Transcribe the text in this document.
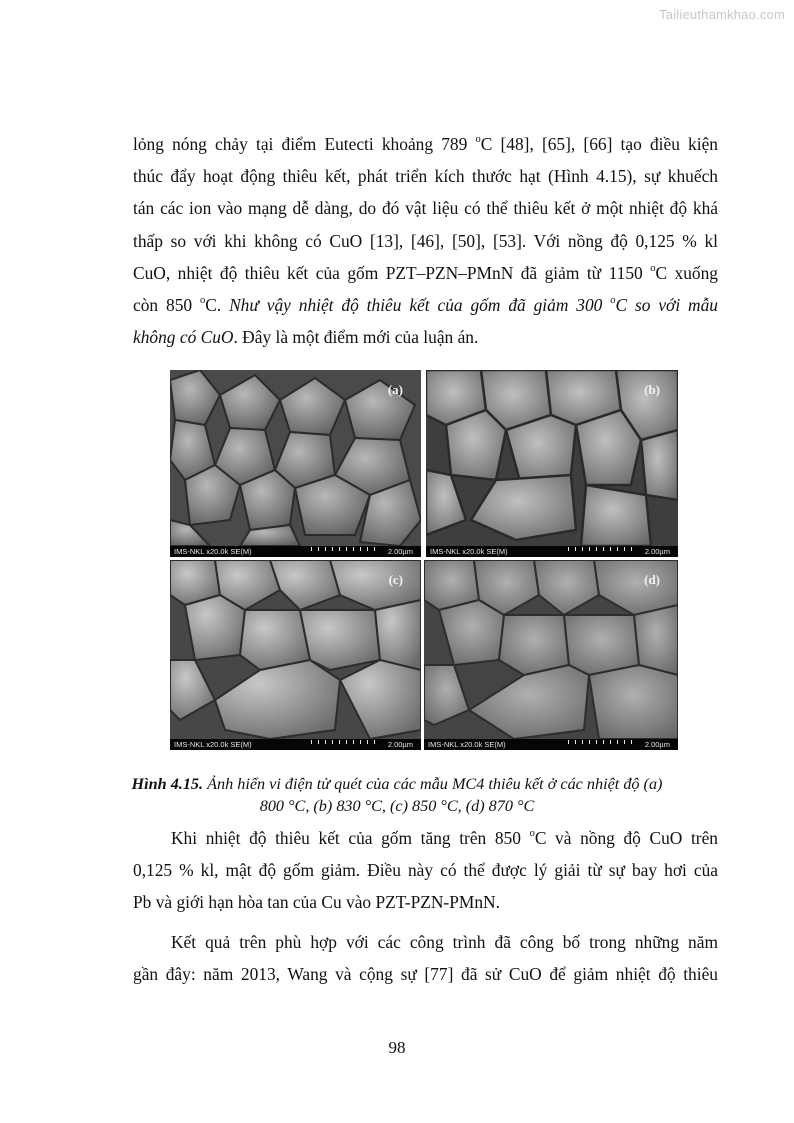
Tailieuthamkhao.com
lỏng nóng chảy tại điểm Eutecti khoảng 789 $^o$C [48], [65], [66] tạo điều kiện
thúc đẩy hoạt động thiêu kết, phát triển kích thước hạt (Hình 4.15), sự khuếch
tán các ion vào mạng dễ dàng, do đó vật liệu có thể thiêu kết ở một nhiệt độ khá
thấp so với khi không có CuO [13], [46], [50], [53]. Với nồng độ 0,125 % kl
CuO, nhiệt độ thiêu kết của gốm PZT–PZN–PMnN đã giảm từ 1150 $^o$C xuống
còn 850 $^o$C. Như vậy nhiệt độ thiêu kết của gốm đã giảm 300 $^o$C so với mẫu
không có CuO. Đây là một điểm mới của luận án.
(a)
IMS-NKL x20.0k SE(M)	2.00µm
(b)
IMS-NKL x20.0k SE(M)	2.00µm
(c)
IMS-NKL x20.0k SE(M)	2.00µm
(d)
IMS-NKL x20.0k SE(M)	2.00µm
Hình 4.15. Ảnh hiển vi điện tử quét của các mẫu MC4 thiêu kết ở các nhiệt độ (a)
800 °C, (b) 830 °C, (c) 850 °C, (d) 870 °C
Khi nhiệt độ thiêu kết của gốm tăng trên 850 $^o$C và nồng độ CuO trên
0,125 % kl, mật độ gốm giảm. Điều này có thể được lý giải từ sự bay hơi của
Pb và giới hạn hòa tan của Cu vào PZT-PZN-PMnN.
Kết quả trên phù hợp với các công trình đã công bố trong những năm
gần đây: năm 2013, Wang và cộng sự [77] đã sử CuO để giảm nhiệt độ thiêu
98
